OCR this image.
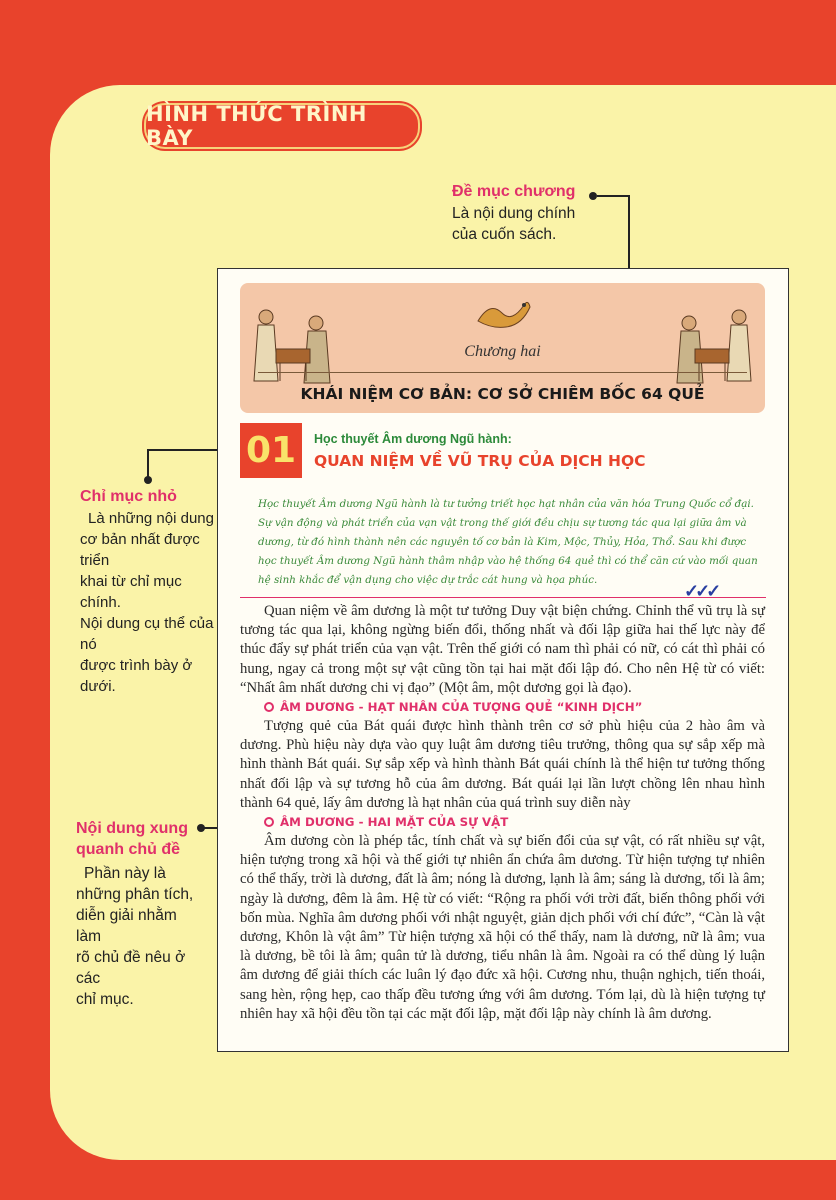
HÌNH THỨC TRÌNH BÀY
Đề mục chương
Là nội dung chính
của cuốn sách.
Chỉ mục nhỏ
Là những nội dung
cơ bản nhất được triển
khai từ chỉ mục chính.
Nội dung cụ thể của nó
được trình bày ở dưới.
Nội dung xung
quanh chủ đề
Phần này là
những phân tích,
diễn giải nhằm làm
rõ chủ đề nêu ở các
chỉ mục.
Chương hai
KHÁI NIỆM CƠ BẢN: CƠ SỞ CHIÊM BỐC 64 QUẺ
01	Học thuyết Âm dương Ngũ hành:
QUAN NIỆM VỀ VŨ TRỤ CỦA DỊCH HỌC
Học thuyết Âm dương Ngũ hành là tư tưởng triết học hạt nhân của văn hóa Trung Quốc cổ đại. Sự vận động và phát triển của vạn vật trong thế giới đều chịu sự tương tác qua lại giữa âm và dương, từ đó hình thành nên các nguyên tố cơ bản là Kim, Mộc, Thủy, Hỏa, Thổ. Sau khi được học thuyết Âm dương Ngũ hành thâm nhập vào hệ thống 64 quẻ thì có thể căn cứ vào mối quan hệ sinh khắc để vận dụng cho việc dự trắc cát hung và họa phúc.
✓✓✓

Quan niệm về âm dương là một tư tưởng Duy vật biện chứng. Chỉnh thể vũ trụ là sự tương tác qua lại, không ngừng biến đổi, thống nhất và đối lập giữa hai thế lực này để thúc đẩy sự phát triển của vạn vật. Trên thế giới có nam thì phải có nữ, có cát thì phải có hung, ngay cả trong một sự vật cũng tồn tại hai mặt đối lập đó. Cho nên Hệ từ có viết: “Nhất âm nhất dương chi vị đạo” (Một âm, một dương gọi là đạo).

ÂM DƯƠNG - HẠT NHÂN CỦA TƯỢNG QUẺ “KINH DỊCH”

Tượng quẻ của Bát quái được hình thành trên cơ sở phù hiệu của 2 hào âm và dương. Phù hiệu này dựa vào quy luật âm dương tiêu trưởng, thông qua sự sắp xếp mà hình thành Bát quái. Sự sắp xếp và hình thành Bát quái chính là thể hiện tư tưởng thống nhất đối lập và sự tương hỗ của âm dương. Bát quái lại lần lượt chồng lên nhau hình thành 64 quẻ, lấy âm dương là hạt nhân của quá trình suy diễn này

ÂM DƯƠNG - HAI MẶT CỦA SỰ VẬT

Âm dương còn là phép tắc, tính chất và sự biến đổi của sự vật, có rất nhiều sự vật, hiện tượng trong xã hội và thế giới tự nhiên ẩn chứa âm dương. Từ hiện tượng tự nhiên có thể thấy, trời là dương, đất là âm; nóng là dương, lạnh là âm; sáng là dương, tối là âm; ngày là dương, đêm là âm. Hệ từ có viết: “Rộng ra phối với trời đất, biến thông phối với bốn mùa. Nghĩa âm dương phối với nhật nguyệt, giản dịch phối với chí đức”, “Càn là vật dương, Khôn là vật âm” Từ hiện tượng xã hội có thể thấy, nam là dương, nữ là âm; vua là dương, bề tôi là âm; quân tử là dương, tiểu nhân là âm. Ngoài ra có thể dùng lý luận âm dương để giải thích các luân lý đạo đức xã hội. Cương nhu, thuận nghịch, tiến thoái, sang hèn, rộng hẹp, cao thấp đều tương ứng với âm dương. Tóm lại, dù là hiện tượng tự nhiên hay xã hội đều tồn tại các mặt đối lập, mặt đối lập này chính là âm dương.
